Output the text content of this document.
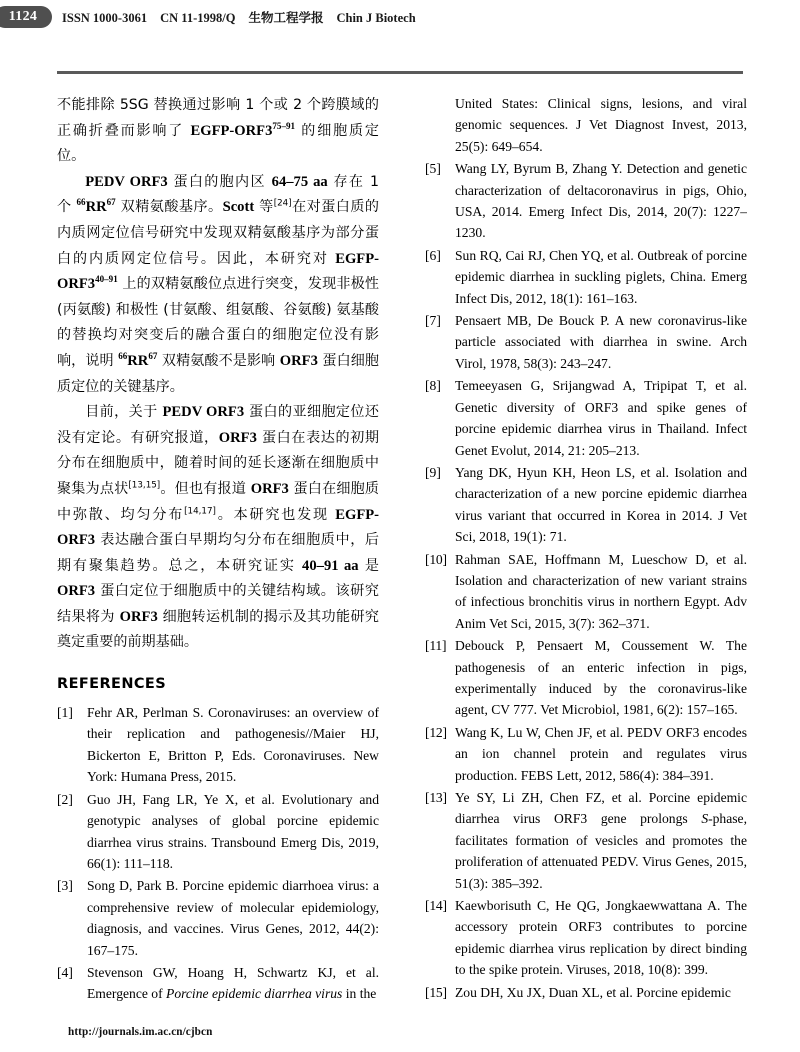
1124	ISSN 1000-3061 CN 11-1998/Q 生物工程学报 Chin J Biotech

不能排除 5SG 替换通过影响 1 个或 2 个跨膜域的正确折叠而影响了 EGFP-ORF3$^{75-91}$ 的细胞质定位。

PEDV ORF3 蛋白的胞内区 64–75 aa 存在 1 个 $^{66}$RR$^{67}$ 双精氨酸基序。Scott 等[24]在对蛋白质的内质网定位信号研究中发现双精氨酸基序为部分蛋白的内质网定位信号。因此，本研究对 EGFP-ORF3$^{40-91}$ 上的双精氨酸位点进行突变，发现非极性 (丙氨酸) 和极性 (甘氨酸、组氨酸、谷氨酸) 氨基酸的替换均对突变后的融合蛋白的细胞定位没有影响，说明 $^{66}$RR$^{67}$ 双精氨酸不是影响 ORF3 蛋白细胞质定位的关键基序。

目前，关于 PEDV ORF3 蛋白的亚细胞定位还没有定论。有研究报道，ORF3 蛋白在表达的初期分布在细胞质中，随着时间的延长逐渐在细胞质中聚集为点状[13,15]。但也有报道 ORF3 蛋白在细胞质中弥散、均匀分布[14,17]。本研究也发现 EGFP-ORF3 表达融合蛋白早期均匀分布在细胞质中，后期有聚集趋势。总之，本研究证实 40–91 aa 是 ORF3 蛋白定位于细胞质中的关键结构域。该研究结果将为 ORF3 细胞转运机制的揭示及其功能研究奠定重要的前期基础。

REFERENCES
[1]	Fehr AR, Perlman S. Coronaviruses: an overview of their replication and pathogenesis//Maier HJ, Bickerton E, Britton P, Eds. Coronaviruses. New York: Humana Press, 2015.
[2]	Guo JH, Fang LR, Ye X, et al. Evolutionary and genotypic analyses of global porcine epidemic diarrhea virus strains. Transbound Emerg Dis, 2019, 66(1): 111–118.
[3]	Song D, Park B. Porcine epidemic diarrhoea virus: a comprehensive review of molecular epidemiology, diagnosis, and vaccines. Virus Genes, 2012, 44(2): 167–175.
[4]	Stevenson GW, Hoang H, Schwartz KJ, et al. Emergence of Porcine epidemic diarrhea virus in the
United States: Clinical signs, lesions, and viral genomic sequences. J Vet Diagnost Invest, 2013, 25(5): 649–654.
[5]	Wang LY, Byrum B, Zhang Y. Detection and genetic characterization of deltacoronavirus in pigs, Ohio, USA, 2014. Emerg Infect Dis, 2014, 20(7): 1227–1230.
[6]	Sun RQ, Cai RJ, Chen YQ, et al. Outbreak of porcine epidemic diarrhea in suckling piglets, China. Emerg Infect Dis, 2012, 18(1): 161–163.
[7]	Pensaert MB, De Bouck P. A new coronavirus-like particle associated with diarrhea in swine. Arch Virol, 1978, 58(3): 243–247.
[8]	Temeeyasen G, Srijangwad A, Tripipat T, et al. Genetic diversity of ORF3 and spike genes of porcine epidemic diarrhea virus in Thailand. Infect Genet Evolut, 2014, 21: 205–213.
[9]	Yang DK, Hyun KH, Heon LS, et al. Isolation and characterization of a new porcine epidemic diarrhea virus variant that occurred in Korea in 2014. J Vet Sci, 2018, 19(1): 71.
[10] Rahman SAE, Hoffmann M, Lueschow D, et al. Isolation and characterization of new variant strains of infectious bronchitis virus in northern Egypt. Adv Anim Vet Sci, 2015, 3(7): 362–371.
[11] Debouck P, Pensaert M, Coussement W. The pathogenesis of an enteric infection in pigs, experimentally induced by the coronavirus-like agent, CV 777. Vet Microbiol, 1981, 6(2): 157–165.
[12] Wang K, Lu W, Chen JF, et al. PEDV ORF3 encodes an ion channel protein and regulates virus production. FEBS Lett, 2012, 586(4): 384–391.
[13] Ye SY, Li ZH, Chen FZ, et al. Porcine epidemic diarrhea virus ORF3 gene prolongs S-phase, facilitates formation of vesicles and promotes the proliferation of attenuated PEDV. Virus Genes, 2015, 51(3): 385–392.
[14] Kaewborisuth C, He QG, Jongkaewwattana A. The accessory protein ORF3 contributes to porcine epidemic diarrhea virus replication by direct binding to the spike protein. Viruses, 2018, 10(8): 399.
[15] Zou DH, Xu JX, Duan XL, et al. Porcine epidemic
http://journals.im.ac.cn/cjbcn
